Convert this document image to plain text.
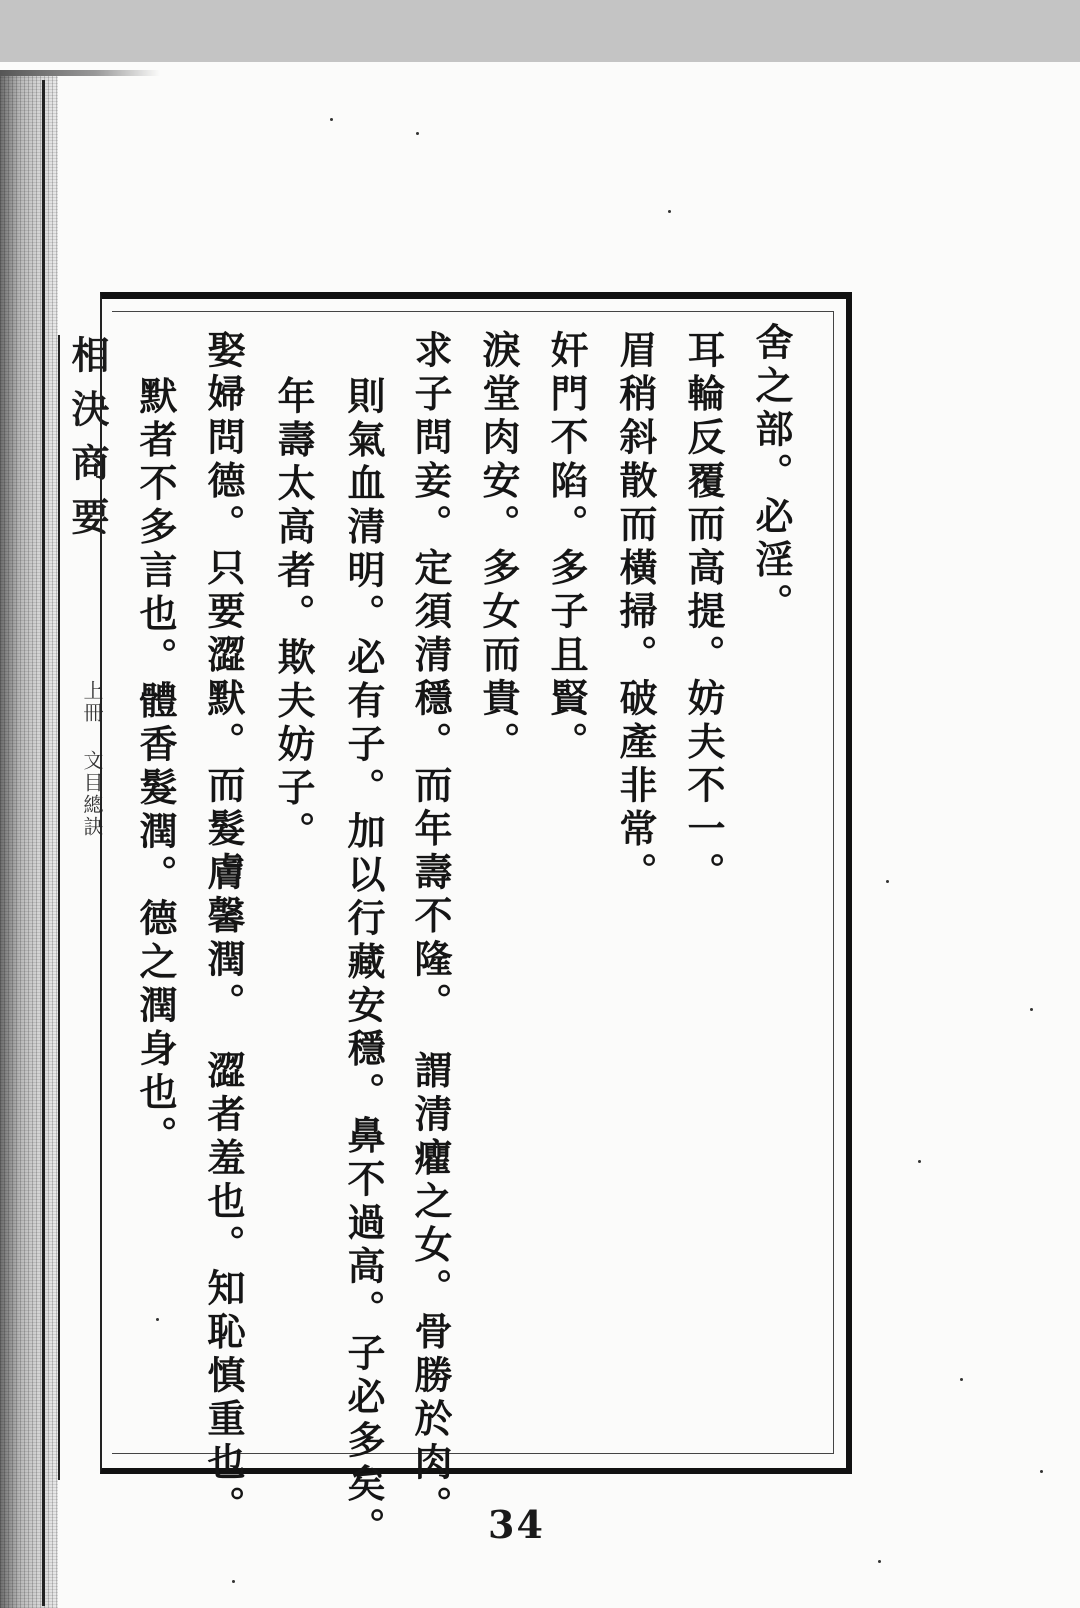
相決商要
上冊 文目總訣
舍之部。必淫。
耳輪反覆而高提。妨夫不一。
眉稍斜散而橫掃。破產非常。
奸門不陷。多子且賢。
淚堂肉安。多女而貴。
求子問妾。定須清穩。而年壽不隆。　謂清癯之女。骨勝於肉。
則氣血清明。必有子。加以行藏安穩。鼻不過高。子必多矣。
年壽太高者。欺夫妨子。
娶婦問德。只要澀默。而髮膚馨潤。　澀者羞也。知恥慎重也。
默者不多言也。體香髮潤。德之潤身也。
34
